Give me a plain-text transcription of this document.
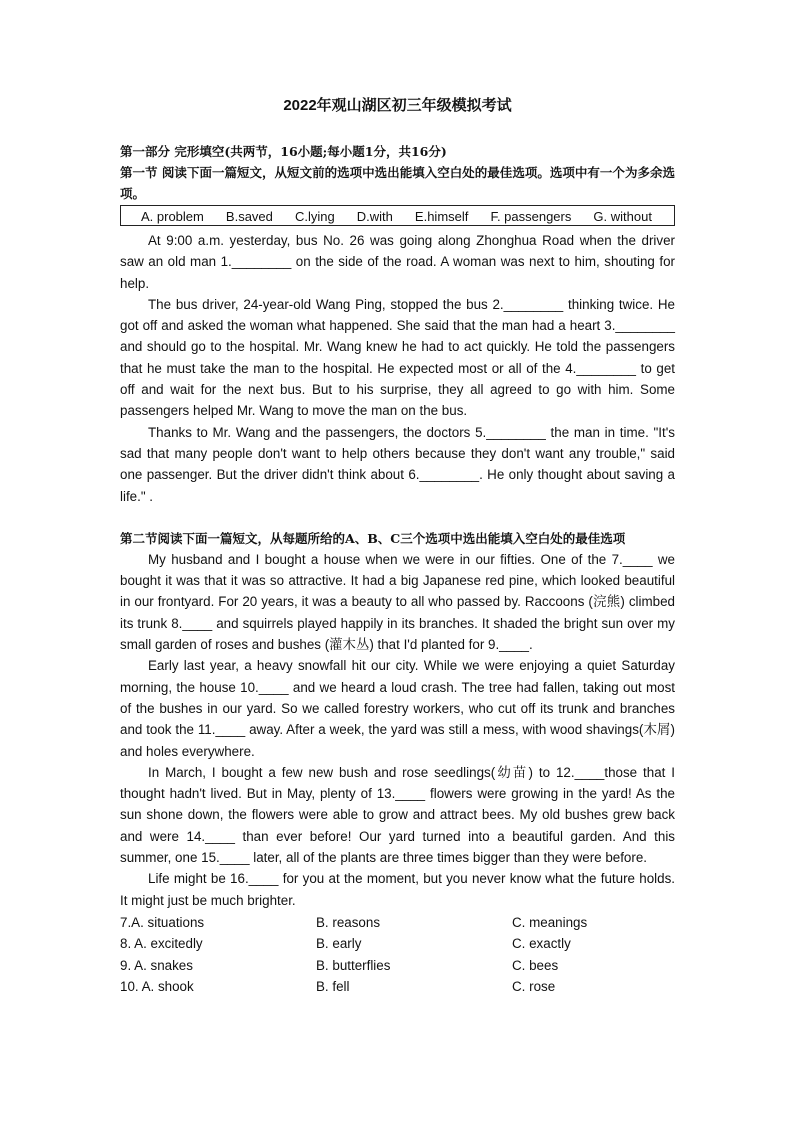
2022年观山湖区初三年级模拟考试

第一部分 完形填空(共两节，16小题;每小题1分，共16分)

第一节 阅读下面一篇短文，从短文前的选项中选出能填入空白处的最佳选项。选项中有一个为多余选项。

A. problem B.saved C.lying D.with E.himself F. passengers G. without

At 9:00 a.m. yesterday, bus No. 26 was going along Zhonghua Road when the driver saw an old man 1.________ on the side of the road. A woman was next to him, shouting for help.

The bus driver, 24-year-old Wang Ping, stopped the bus 2.________ thinking twice. He got off and asked the woman what happened. She said that the man had a heart 3.________ and should go to the hospital. Mr. Wang knew he had to act quickly. He told the passengers that he must take the man to the hospital. He expected most or all of the 4.________ to get off and wait for the next bus. But to his surprise, they all agreed to go with him. Some passengers helped Mr. Wang to move the man on the bus.

Thanks to Mr. Wang and the passengers, the doctors 5.________ the man in time. "It's sad that many people don't want to help others because they don't want any trouble," said one passenger. But the driver didn't think about 6.________. He only thought about saving a life." .

第二节阅读下面一篇短文，从每题所给的A、B、C三个选项中选出能填入空白处的最佳选项

My husband and I bought a house when we were in our fifties. One of the 7.____ we bought it was that it was so attractive. It had a big Japanese red pine, which looked beautiful in our frontyard. For 20 years, it was a beauty to all who passed by. Raccoons (浣熊) climbed its trunk 8.____ and squirrels played happily in its branches. It shaded the bright sun over my small garden of roses and bushes (灌木丛) that I'd planted for 9.____.

Early last year, a heavy snowfall hit our city. While we were enjoying a quiet Saturday morning, the house 10.____ and we heard a loud crash. The tree had fallen, taking out most of the bushes in our yard. So we called forestry workers, who cut off its trunk and branches and took the 11.____ away. After a week, the yard was still a mess, with wood shavings(木屑) and holes everywhere.

In March, I bought a few new bush and rose seedlings(幼苗) to 12.____those that I thought hadn't lived. But in May, plenty of 13.____ flowers were growing in the yard! As the sun shone down, the flowers were able to grow and attract bees. My old bushes grew back and were 14.____ than ever before! Our yard turned into a beautiful garden. And this summer, one 15.____ later, all of the plants are three times bigger than they were before.

Life might be 16.____ for you at the moment, but you never know what the future holds. It might just be much brighter.

7.A. situations	B. reasons	C. meanings
8. A. excitedly	B. early	C. exactly
9. A. snakes	B. butterflies	C. bees
10. A. shook	B. fell	C. rose
